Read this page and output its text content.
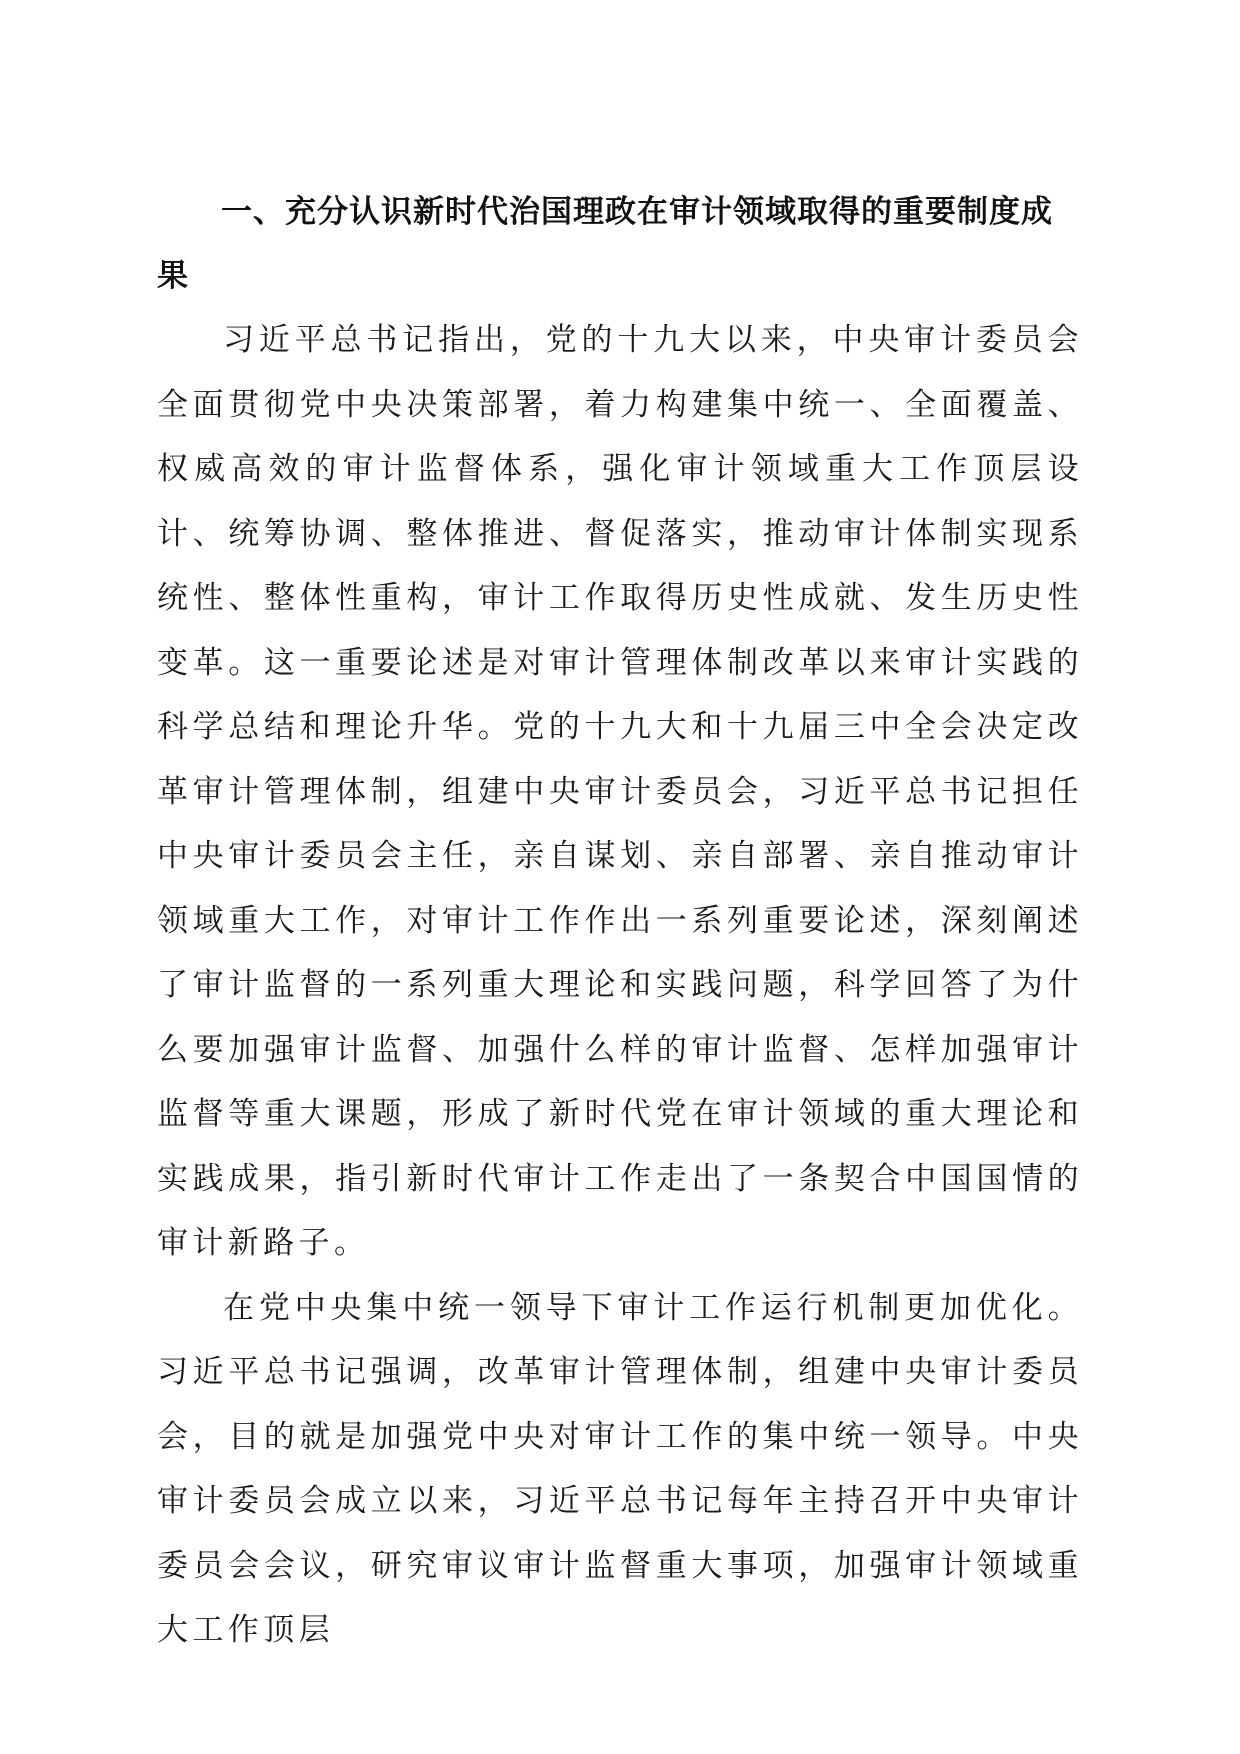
一、充分认识新时代治国理政在审计领域取得的重要制度成果

习近平总书记指出，党的十九大以来，中央审计委员会全面贯彻党中央决策部署，着力构建集中统一、全面覆盖、权威高效的审计监督体系，强化审计领域重大工作顶层设计、统筹协调、整体推进、督促落实，推动审计体制实现系统性、整体性重构，审计工作取得历史性成就、发生历史性变革。这一重要论述是对审计管理体制改革以来审计实践的科学总结和理论升华。党的十九大和十九届三中全会决定改革审计管理体制，组建中央审计委员会，习近平总书记担任中央审计委员会主任，亲自谋划、亲自部署、亲自推动审计领域重大工作，对审计工作作出一系列重要论述，深刻阐述了审计监督的一系列重大理论和实践问题，科学回答了为什么要加强审计监督、加强什么样的审计监督、怎样加强审计监督等重大课题，形成了新时代党在审计领域的重大理论和实践成果，指引新时代审计工作走出了一条契合中国国情的审计新路子。

在党中央集中统一领导下审计工作运行机制更加优化。习近平总书记强调，改革审计管理体制，组建中央审计委员会，目的就是加强党中央对审计工作的集中统一领导。中央审计委员会成立以来，习近平总书记每年主持召开中央审计委员会会议，研究审议审计监督重大事项，加强审计领域重大工作顶层
